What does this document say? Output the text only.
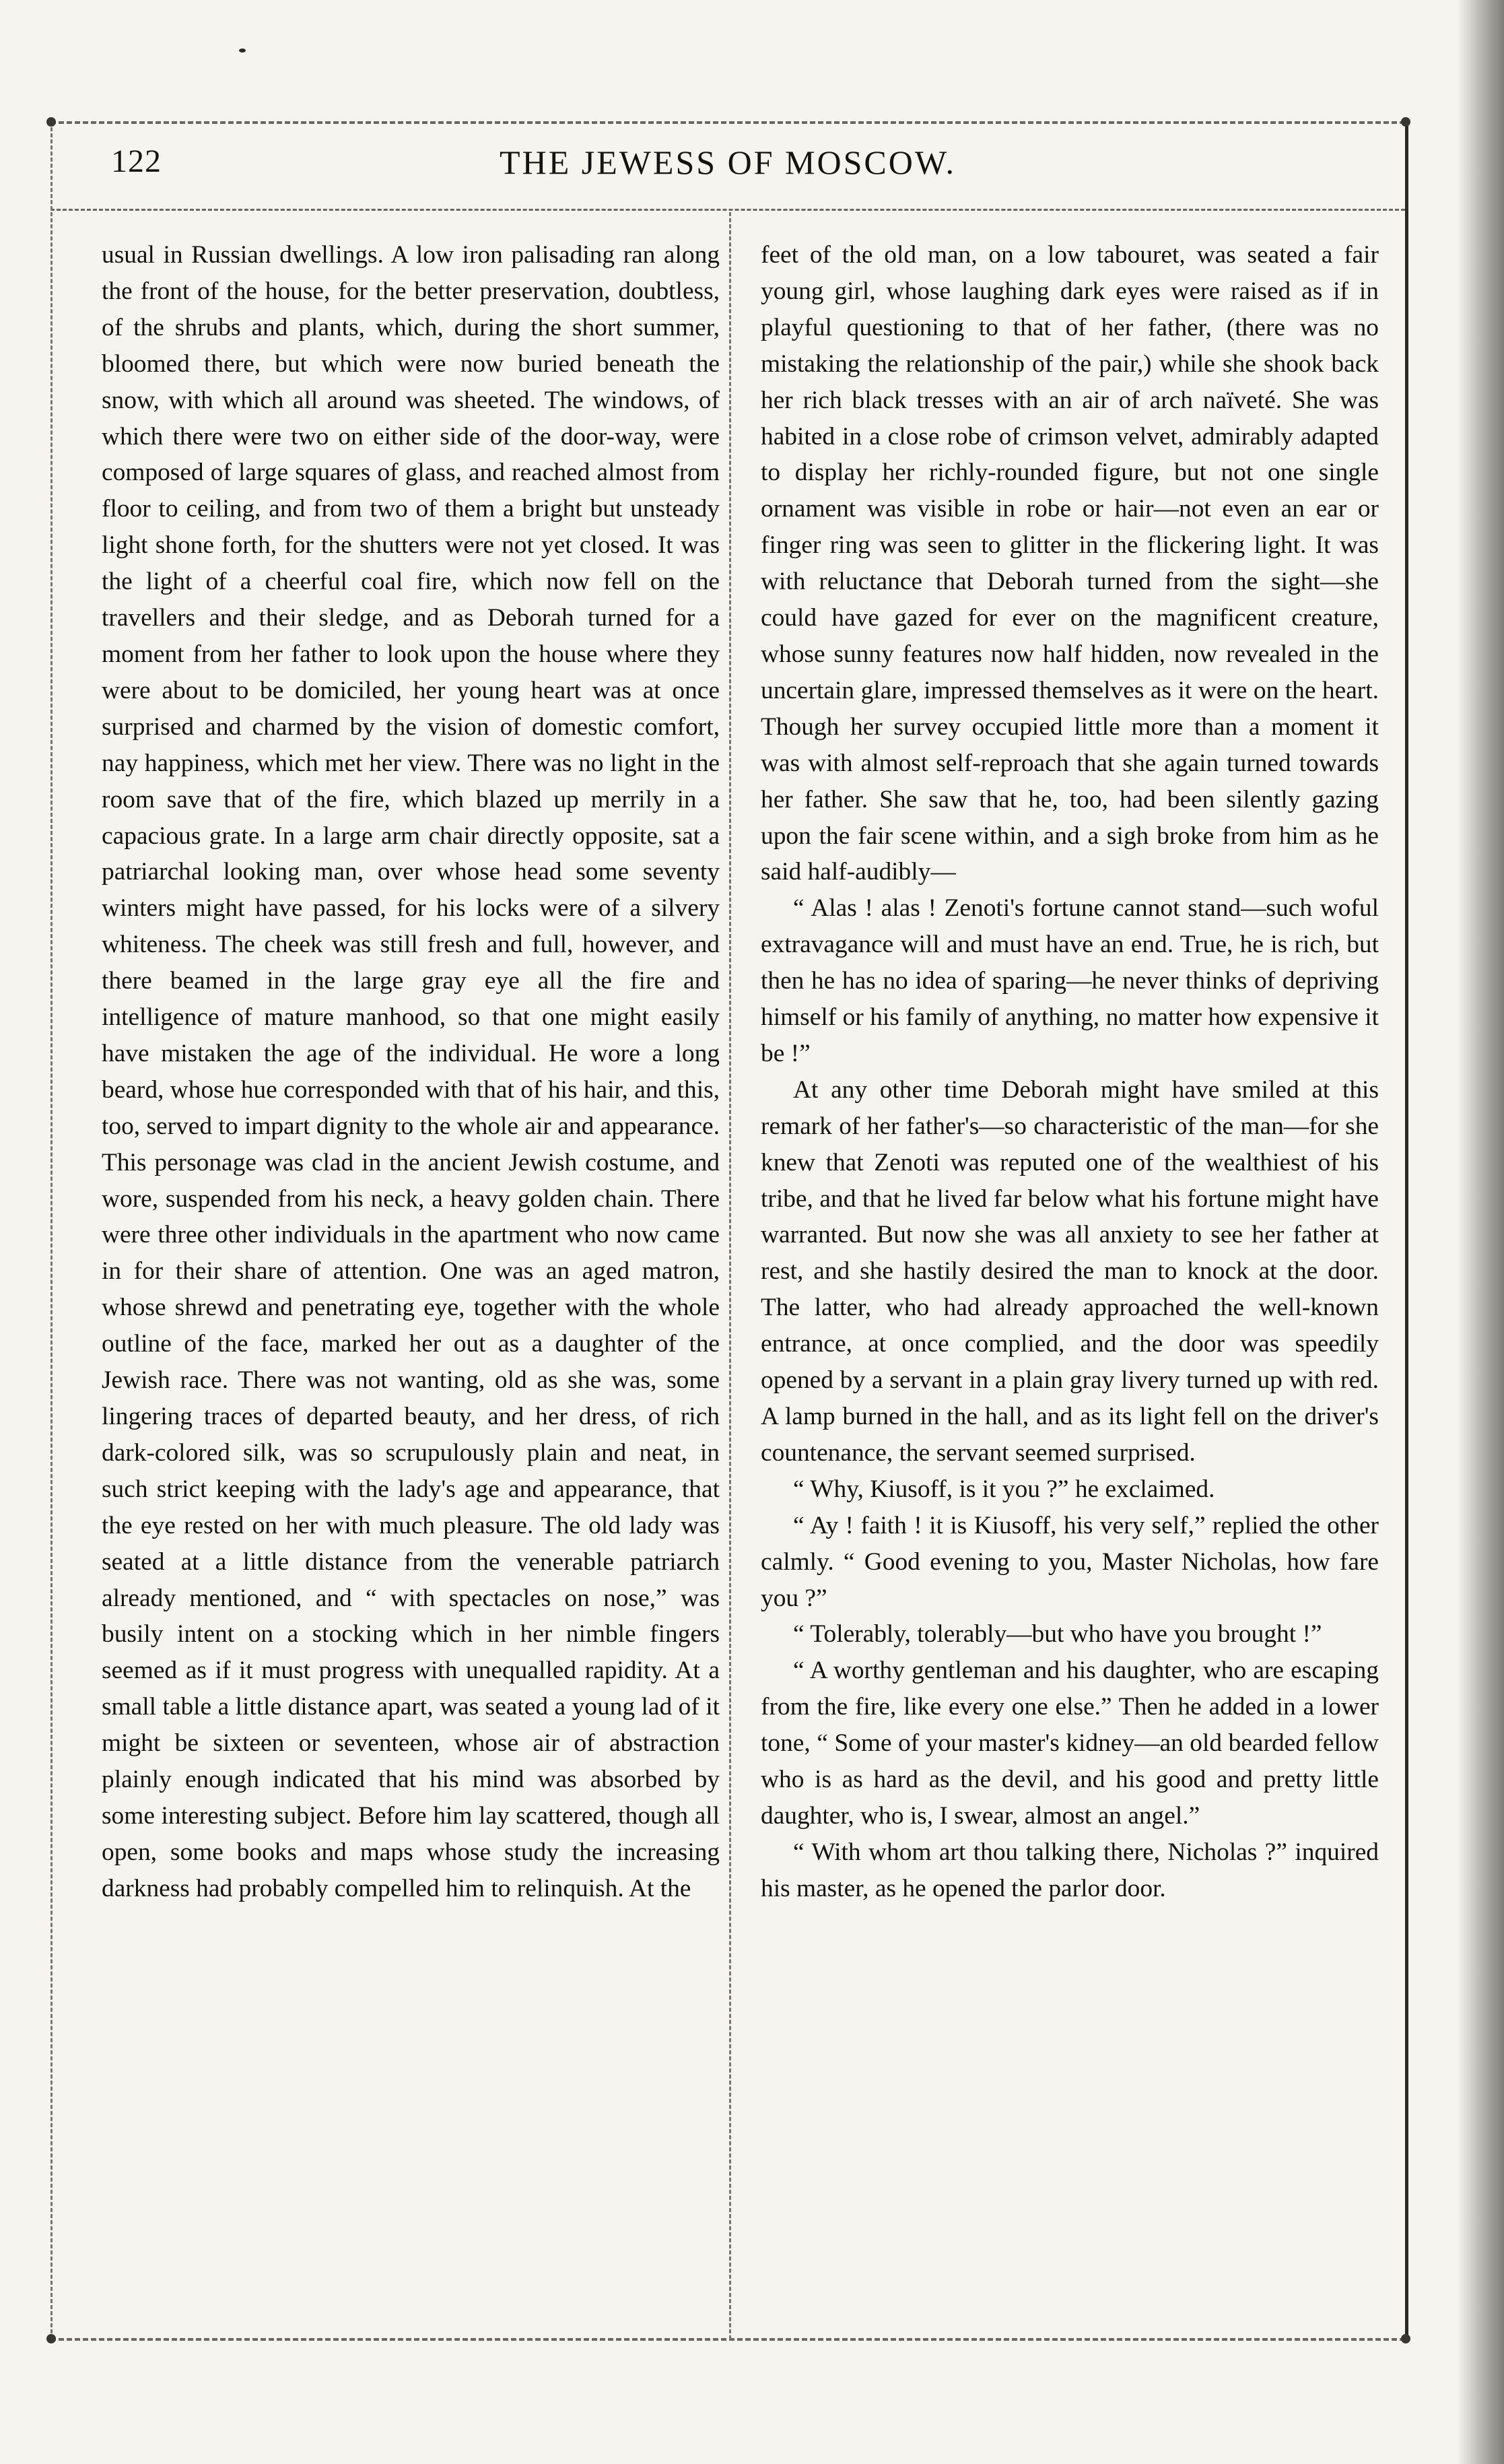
122	THE JEWESS OF MOSCOW.

usual in Russian dwellings. A low iron palisading ran along the front of the house, for the better preservation, doubtless, of the shrubs and plants, which, during the short summer, bloomed there, but which were now buried beneath the snow, with which all around was sheeted. The windows, of which there were two on either side of the door-way, were composed of large squares of glass, and reached almost from floor to ceiling, and from two of them a bright but unsteady light shone forth, for the shutters were not yet closed. It was the light of a cheerful coal fire, which now fell on the travellers and their sledge, and as Deborah turned for a moment from her father to look upon the house where they were about to be domiciled, her young heart was at once surprised and charmed by the vision of domestic comfort, nay happiness, which met her view. There was no light in the room save that of the fire, which blazed up merrily in a capacious grate. In a large arm chair directly opposite, sat a patriarchal looking man, over whose head some seventy winters might have passed, for his locks were of a silvery whiteness. The cheek was still fresh and full, however, and there beamed in the large gray eye all the fire and intelligence of mature manhood, so that one might easily have mistaken the age of the individual. He wore a long beard, whose hue corresponded with that of his hair, and this, too, served to impart dignity to the whole air and appearance. This personage was clad in the ancient Jewish costume, and wore, suspended from his neck, a heavy golden chain. There were three other individuals in the apartment who now came in for their share of attention. One was an aged matron, whose shrewd and penetrating eye, together with the whole outline of the face, marked her out as a daughter of the Jewish race. There was not wanting, old as she was, some lingering traces of departed beauty, and her dress, of rich dark-colored silk, was so scrupulously plain and neat, in such strict keeping with the lady's age and appearance, that the eye rested on her with much pleasure. The old lady was seated at a little distance from the venerable patriarch already mentioned, and “ with spectacles on nose,” was busily intent on a stocking which in her nimble fingers seemed as if it must progress with unequalled rapidity. At a small table a little distance apart, was seated a young lad of it might be sixteen or seventeen, whose air of abstraction plainly enough indicated that his mind was absorbed by some interesting subject. Before him lay scattered, though all open, some books and maps whose study the increasing darkness had probably compelled him to relinquish. At the

feet of the old man, on a low tabouret, was seated a fair young girl, whose laughing dark eyes were raised as if in playful questioning to that of her father, (there was no mistaking the relationship of the pair,) while she shook back her rich black tresses with an air of arch naïveté. She was habited in a close robe of crimson velvet, admirably adapted to display her richly-rounded figure, but not one single ornament was visible in robe or hair—not even an ear or finger ring was seen to glitter in the flickering light. It was with reluctance that Deborah turned from the sight—she could have gazed for ever on the magnificent creature, whose sunny features now half hidden, now revealed in the uncertain glare, impressed themselves as it were on the heart. Though her survey occupied little more than a moment it was with almost self-reproach that she again turned towards her father. She saw that he, too, had been silently gazing upon the fair scene within, and a sigh broke from him as he said half-audibly—

“ Alas ! alas ! Zenoti's fortune cannot stand—such woful extravagance will and must have an end. True, he is rich, but then he has no idea of sparing—he never thinks of depriving himself or his family of anything, no matter how expensive it be !”

At any other time Deborah might have smiled at this remark of her father's—so characteristic of the man—for she knew that Zenoti was reputed one of the wealthiest of his tribe, and that he lived far below what his fortune might have warranted. But now she was all anxiety to see her father at rest, and she hastily desired the man to knock at the door. The latter, who had already approached the well-known entrance, at once complied, and the door was speedily opened by a servant in a plain gray livery turned up with red. A lamp burned in the hall, and as its light fell on the driver's countenance, the servant seemed surprised.

“ Why, Kiusoff, is it you ?” he exclaimed.

“ Ay ! faith ! it is Kiusoff, his very self,” replied the other calmly. “ Good evening to you, Master Nicholas, how fare you ?”

“ Tolerably, tolerably—but who have you brought !”

“ A worthy gentleman and his daughter, who are escaping from the fire, like every one else.” Then he added in a lower tone, “ Some of your master's kidney—an old bearded fellow who is as hard as the devil, and his good and pretty little daughter, who is, I swear, almost an angel.”

“ With whom art thou talking there, Nicholas ?” inquired his master, as he opened the parlor door.
